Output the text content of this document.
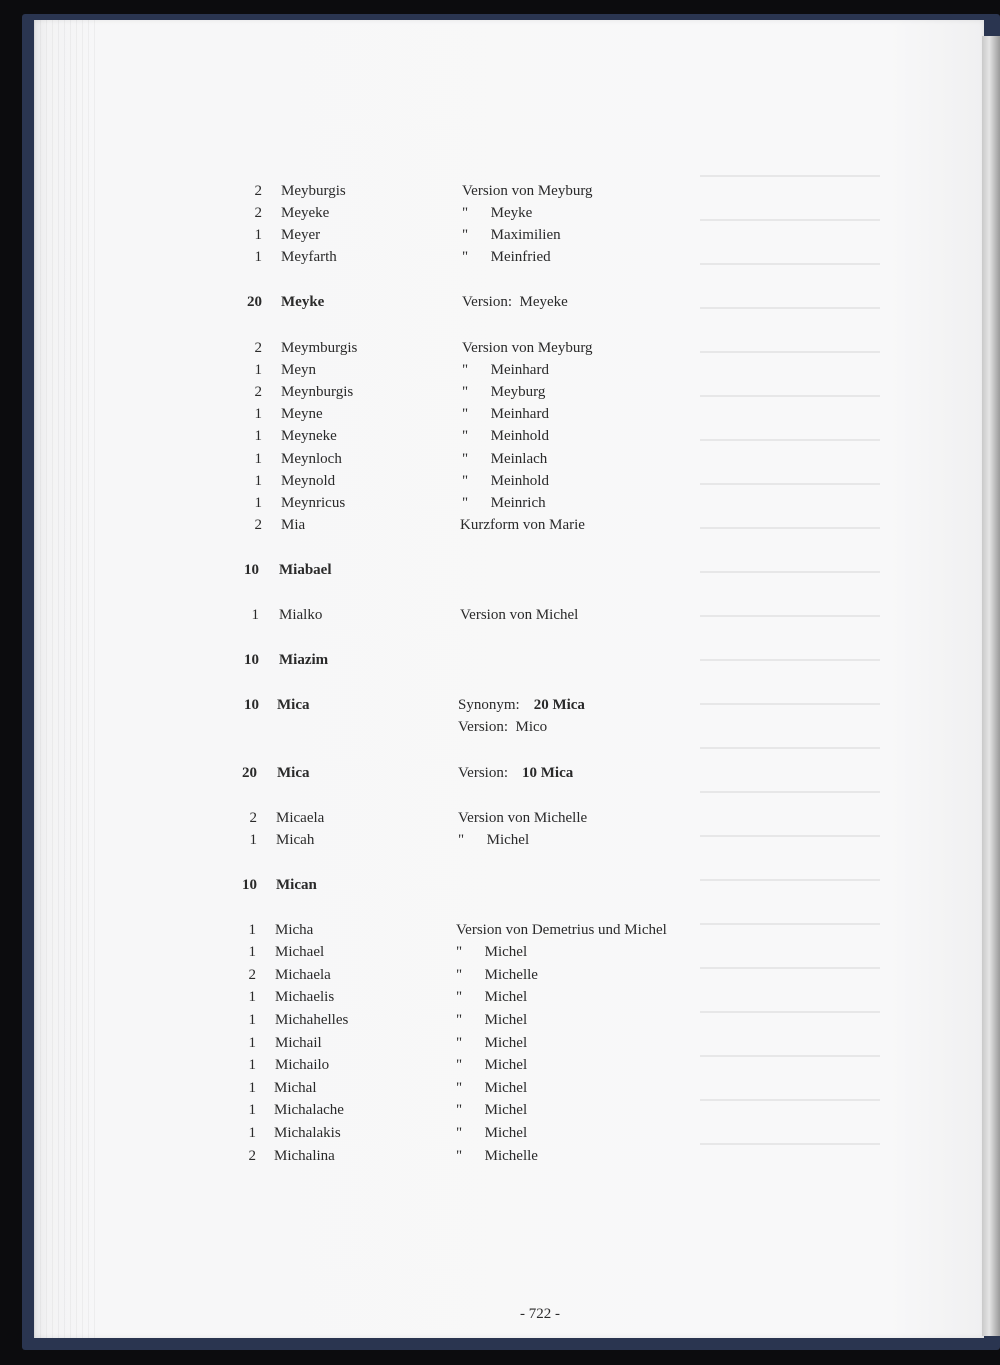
2 Meyburgis	Version von Meyburg
2 Meyeke	"      Meyke
1 Meyer	"      Maximilien
1 Meyfarth	"      Meinfried
20 Meyke	Version:  Meyeke
2 Meymburgis	Version von Meyburg
1 Meyn	"      Meinhard
2 Meynburgis	"      Meyburg
1 Meyne	"      Meinhard
1 Meyneke	"      Meinhold
1 Meynloch	"      Meinlach
1 Meynold	"      Meinhold
1 Meynricus	"      Meinrich
2 Mia	Kurzform von Marie
10 Miabael
1 Mialko	Version von Michel
10 Miazim
10 Mica	Synonym: 20 Mica
Version:  Mico
20 Mica	Version: 10 Mica
2 Micaela	Version von Michelle
1 Micah	"      Michel
10 Mican
1 Micha	Version von Demetrius und Michel
1 Michael	"      Michel
2 Michaela	"      Michelle
1 Michaelis	"      Michel
1 Michahelles	"      Michel
1 Michail	"      Michel
1 Michailo	"      Michel
1 Michal	"      Michel
1 Michalache	"      Michel
1 Michalakis	"      Michel
2 Michalina	"      Michelle
- 722 -
